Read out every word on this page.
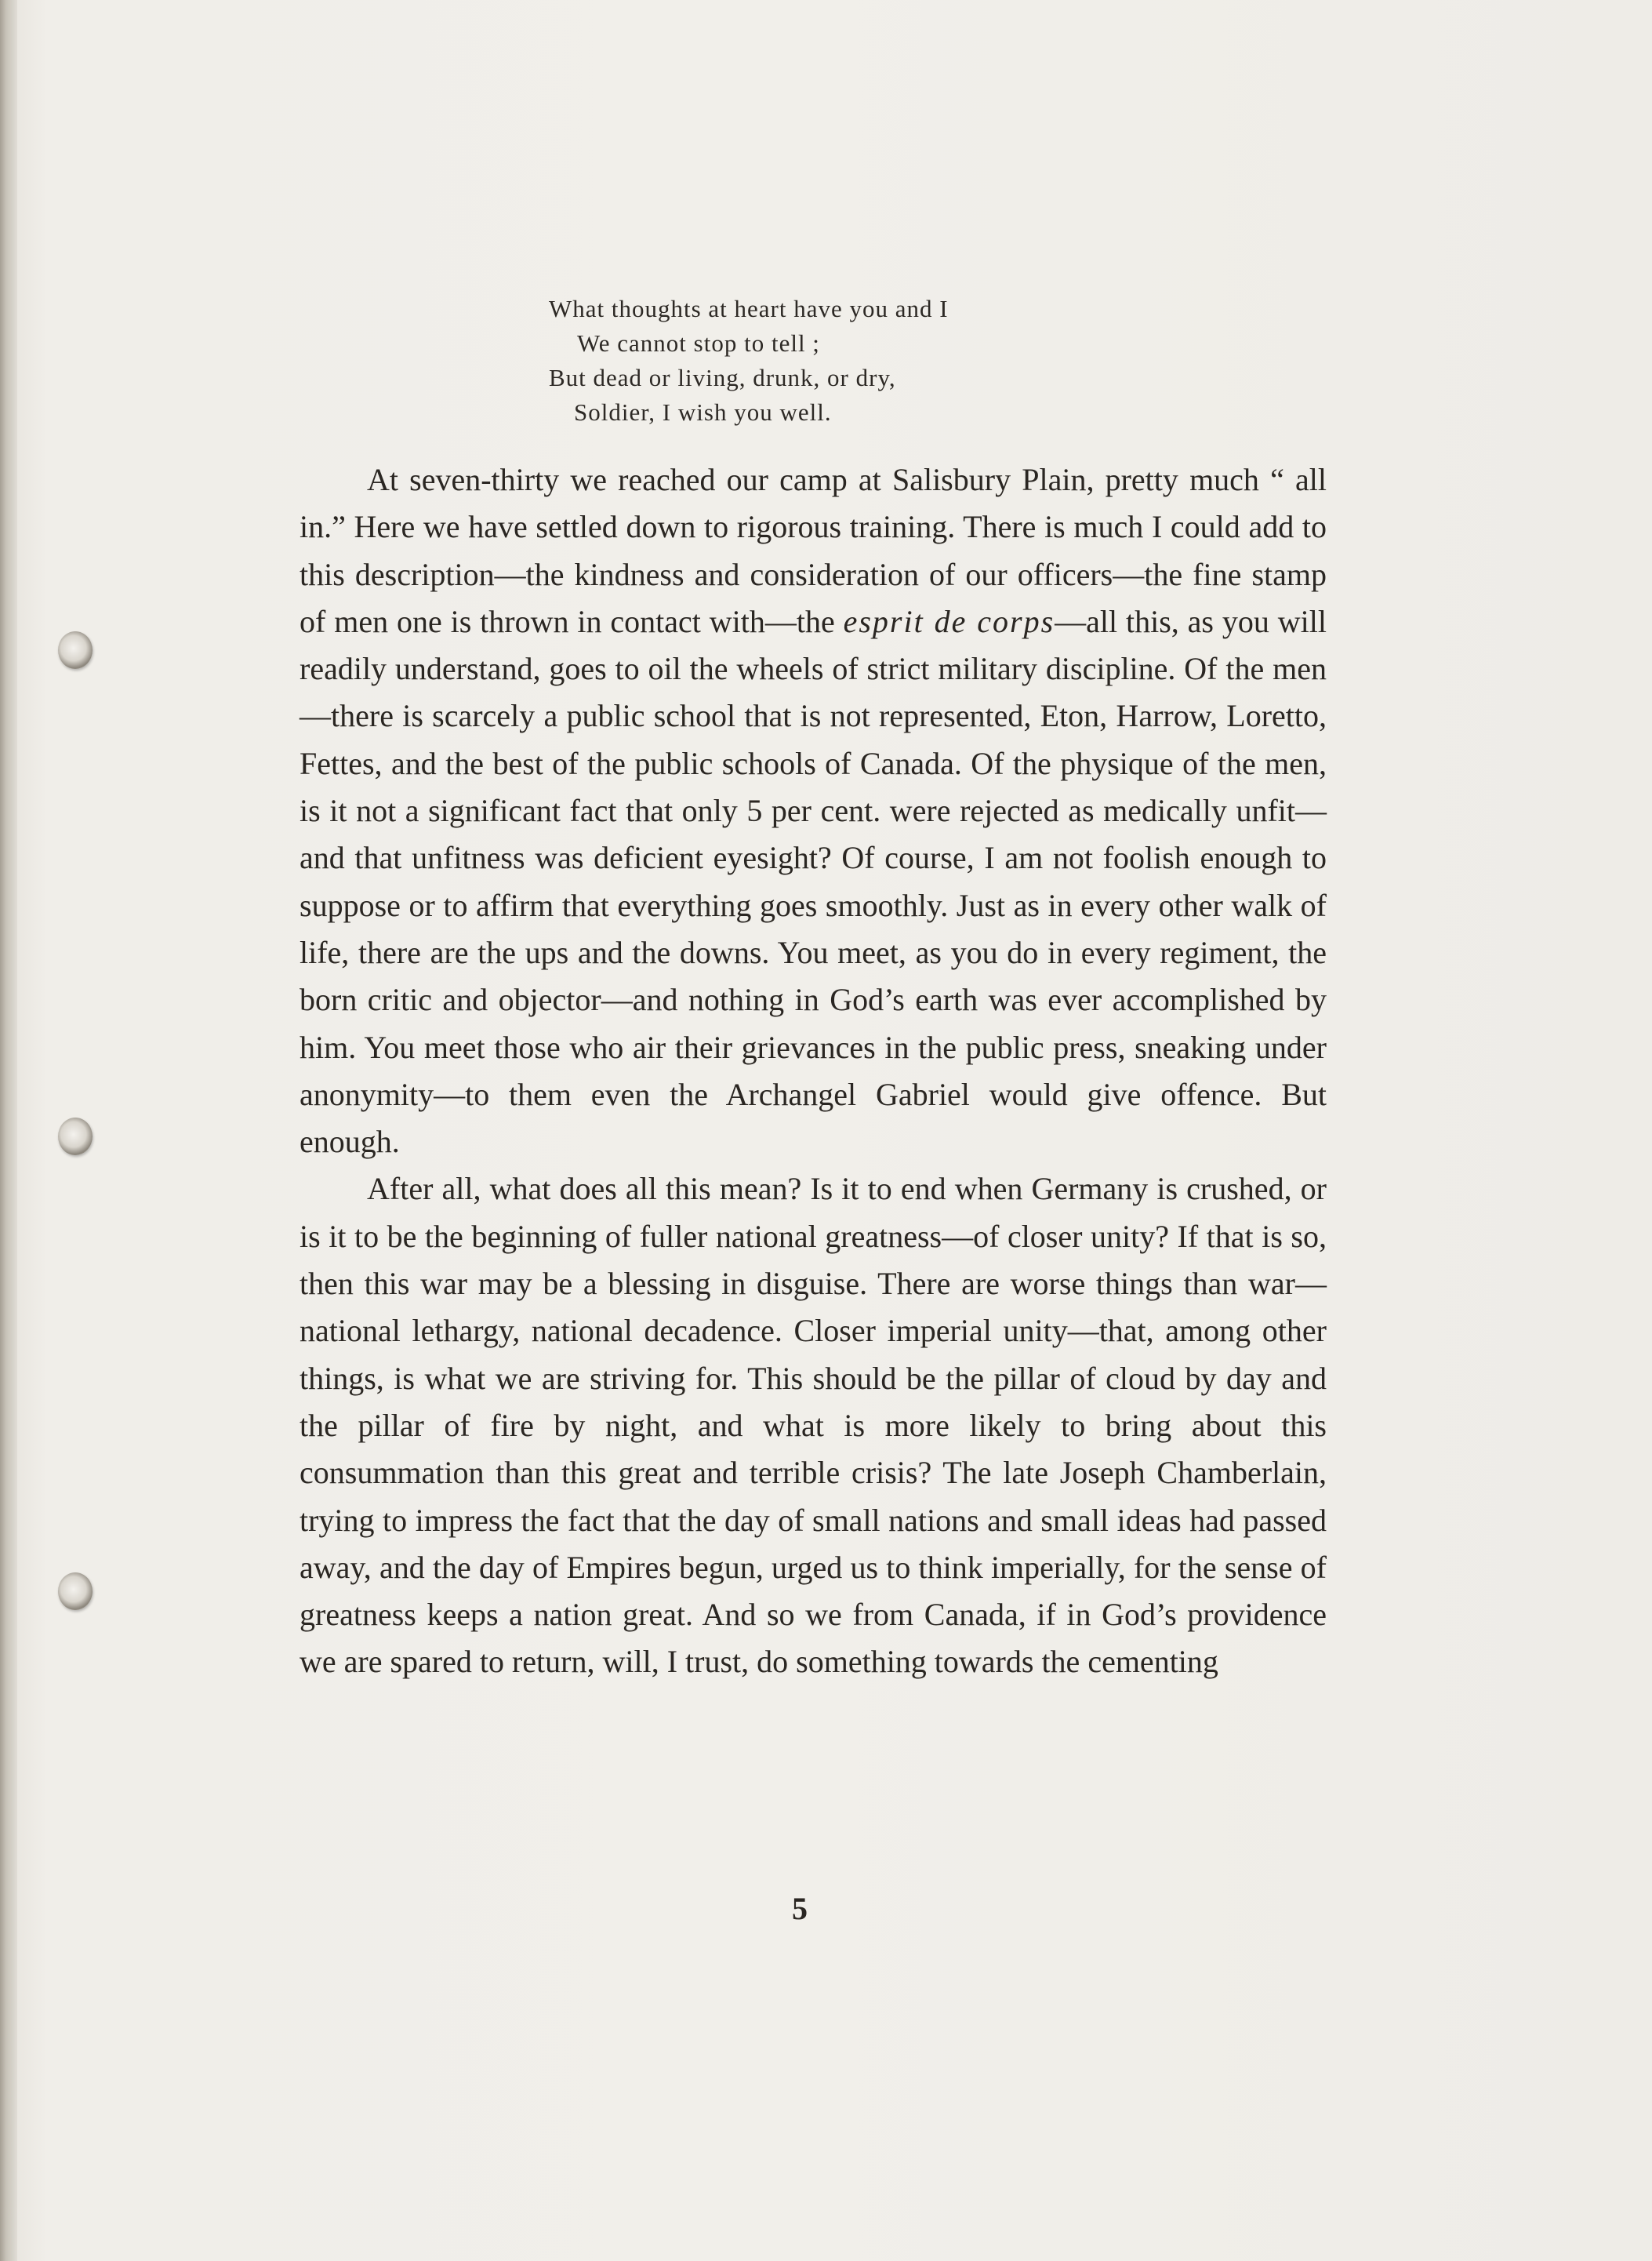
What thoughts at heart have you and I
We cannot stop to tell ;
But dead or living, drunk, or dry,
Soldier, I wish you well.

At seven-thirty we reached our camp at Salisbury Plain, pretty much “ all in.” Here we have settled down to rigorous training. There is much I could add to this description—the kindness and consideration of our officers—the fine stamp of men one is thrown in contact with—the esprit de corps—all this, as you will readily understand, goes to oil the wheels of strict military discipline. Of the men—there is scarcely a public school that is not represented, Eton, Harrow, Loretto, Fettes, and the best of the public schools of Canada. Of the physique of the men, is it not a significant fact that only 5 per cent. were rejected as medically unfit—and that unfitness was deficient eyesight? Of course, I am not foolish enough to suppose or to affirm that everything goes smoothly. Just as in every other walk of life, there are the ups and the downs. You meet, as you do in every regiment, the born critic and objector—and nothing in God’s earth was ever accomplished by him. You meet those who air their grievances in the public press, sneaking under anonymity—to them even the Archangel Gabriel would give offence. But enough.

After all, what does all this mean? Is it to end when Germany is crushed, or is it to be the beginning of fuller national greatness—of closer unity? If that is so, then this war may be a blessing in disguise. There are worse things than war—national lethargy, national decadence. Closer imperial unity—that, among other things, is what we are striving for. This should be the pillar of cloud by day and the pillar of fire by night, and what is more likely to bring about this consummation than this great and terrible crisis? The late Joseph Chamberlain, trying to impress the fact that the day of small nations and small ideas had passed away, and the day of Empires begun, urged us to think imperially, for the sense of greatness keeps a nation great. And so we from Canada, if in God’s providence we are spared to return, will, I trust, do something towards the cementing

5
